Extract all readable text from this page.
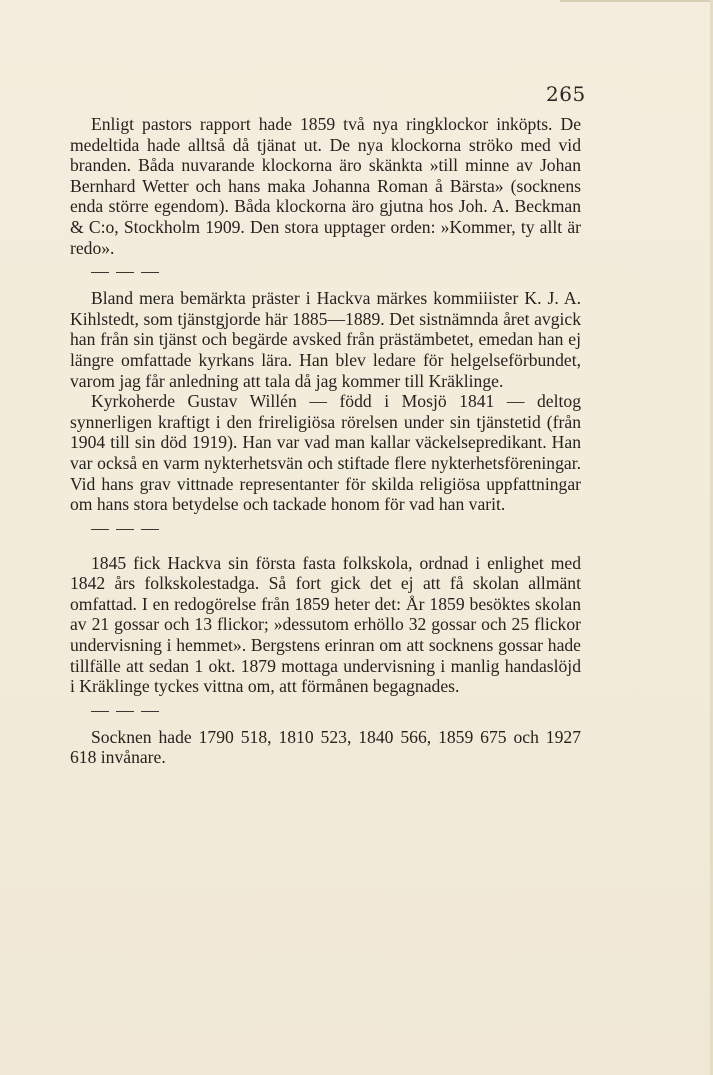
265

Enligt pastors rapport hade 1859 två nya ringklockor inköpts. De medeltida hade alltså då tjänat ut. De nya klockorna ströko med vid branden. Båda nuvarande klockorna äro skänkta »till minne av Johan Bernhard Wetter och hans maka Johanna Roman å Bärsta» (socknens enda större egendom). Båda klockorna äro gjutna hos Joh. A. Beckman & C:o, Stockholm 1909. Den stora upptager orden: »Kommer, ty allt är redo».

Bland mera bemärkta präster i Hackva märkes kommiiister K. J. A. Kihlstedt, som tjänstgjorde här 1885—1889. Det sistnämnda året avgick han från sin tjänst och begärde avsked från prästämbetet, emedan han ej längre omfattade kyrkans lära. Han blev ledare för helgelseförbundet, varom jag får anledning att tala då jag kommer till Kräklinge.

Kyrkoherde Gustav Willén — född i Mosjö 1841 — deltog synnerligen kraftigt i den frireligiösa rörelsen under sin tjänstetid (från 1904 till sin död 1919). Han var vad man kallar väckelsepredikant. Han var också en varm nykterhetsvän och stiftade flere nykterhetsföreningar. Vid hans grav vittnade representanter för skilda religiösa uppfattningar om hans stora betydelse och tackade honom för vad han varit.

1845 fick Hackva sin första fasta folkskola, ordnad i enlighet med 1842 års folkskolestadga. Så fort gick det ej att få skolan allmänt omfattad. I en redogörelse från 1859 heter det: År 1859 besöktes skolan av 21 gossar och 13 flickor; »dessutom erhöllo 32 gossar och 25 flickor undervisning i hemmet». Bergstens erinran om att socknens gossar hade tillfälle att sedan 1 okt. 1879 mottaga undervisning i manlig handaslöjd i Kräklinge tyckes vittna om, att förmånen begagnades.

Socknen hade 1790 518, 1810 523, 1840 566, 1859 675 och 1927 618 invånare.
